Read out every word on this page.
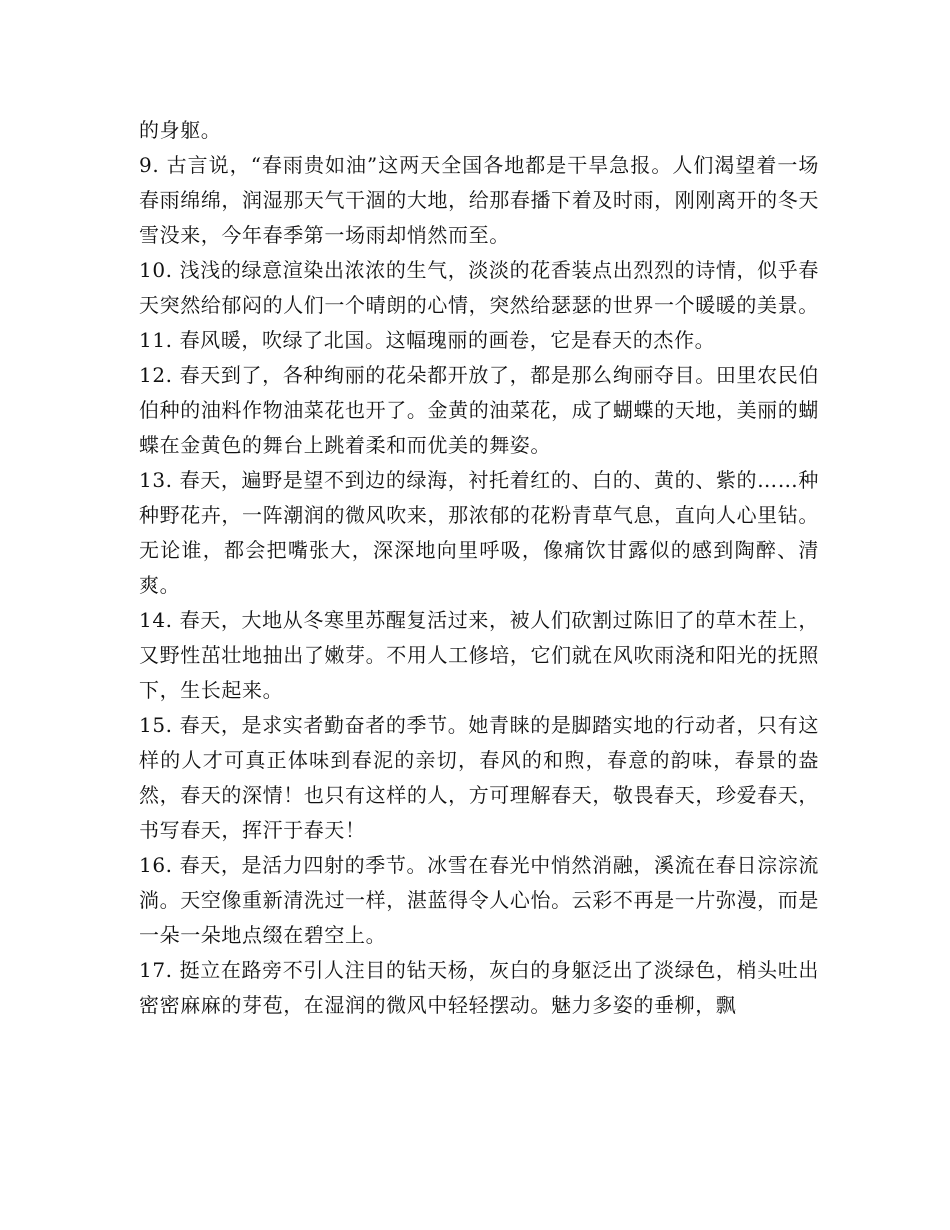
的身躯。

9. 古言说，“春雨贵如油”这两天全国各地都是干旱急报。人们渴望着一场春雨绵绵，润湿那天气干涸的大地，给那春播下着及时雨，刚刚离开的冬天雪没来，今年春季第一场雨却悄然而至。

10. 浅浅的绿意渲染出浓浓的生气，淡淡的花香装点出烈烈的诗情，似乎春天突然给郁闷的人们一个晴朗的心情，突然给瑟瑟的世界一个暖暖的美景。

11. 春风暖，吹绿了北国。这幅瑰丽的画卷，它是春天的杰作。

12. 春天到了，各种绚丽的花朵都开放了，都是那么绚丽夺目。田里农民伯伯种的油料作物油菜花也开了。金黄的油菜花，成了蝴蝶的天地，美丽的蝴蝶在金黄色的舞台上跳着柔和而优美的舞姿。

13. 春天，遍野是望不到边的绿海，衬托着红的、白的、黄的、紫的……种种野花卉，一阵潮润的微风吹来，那浓郁的花粉青草气息，直向人心里钻。无论谁，都会把嘴张大，深深地向里呼吸，像痛饮甘露似的感到陶醉、清爽。

14. 春天，大地从冬寒里苏醒复活过来，被人们砍割过陈旧了的草木茬上，又野性茁壮地抽出了嫩芽。不用人工修培，它们就在风吹雨浇和阳光的抚照下，生长起来。

15. 春天，是求实者勤奋者的季节。她青睐的是脚踏实地的行动者，只有这样的人才可真正体味到春泥的亲切，春风的和煦，春意的韵味，春景的盎然，春天的深情！也只有这样的人，方可理解春天，敬畏春天，珍爱春天，书写春天，挥汗于春天！

16. 春天，是活力四射的季节。冰雪在春光中悄然消融，溪流在春日淙淙流淌。天空像重新清洗过一样，湛蓝得令人心怡。云彩不再是一片弥漫，而是一朵一朵地点缀在碧空上。

17. 挺立在路旁不引人注目的钻天杨，灰白的身躯泛出了淡绿色，梢头吐出密密麻麻的芽苞，在湿润的微风中轻轻摆动。魅力多姿的垂柳，飘
